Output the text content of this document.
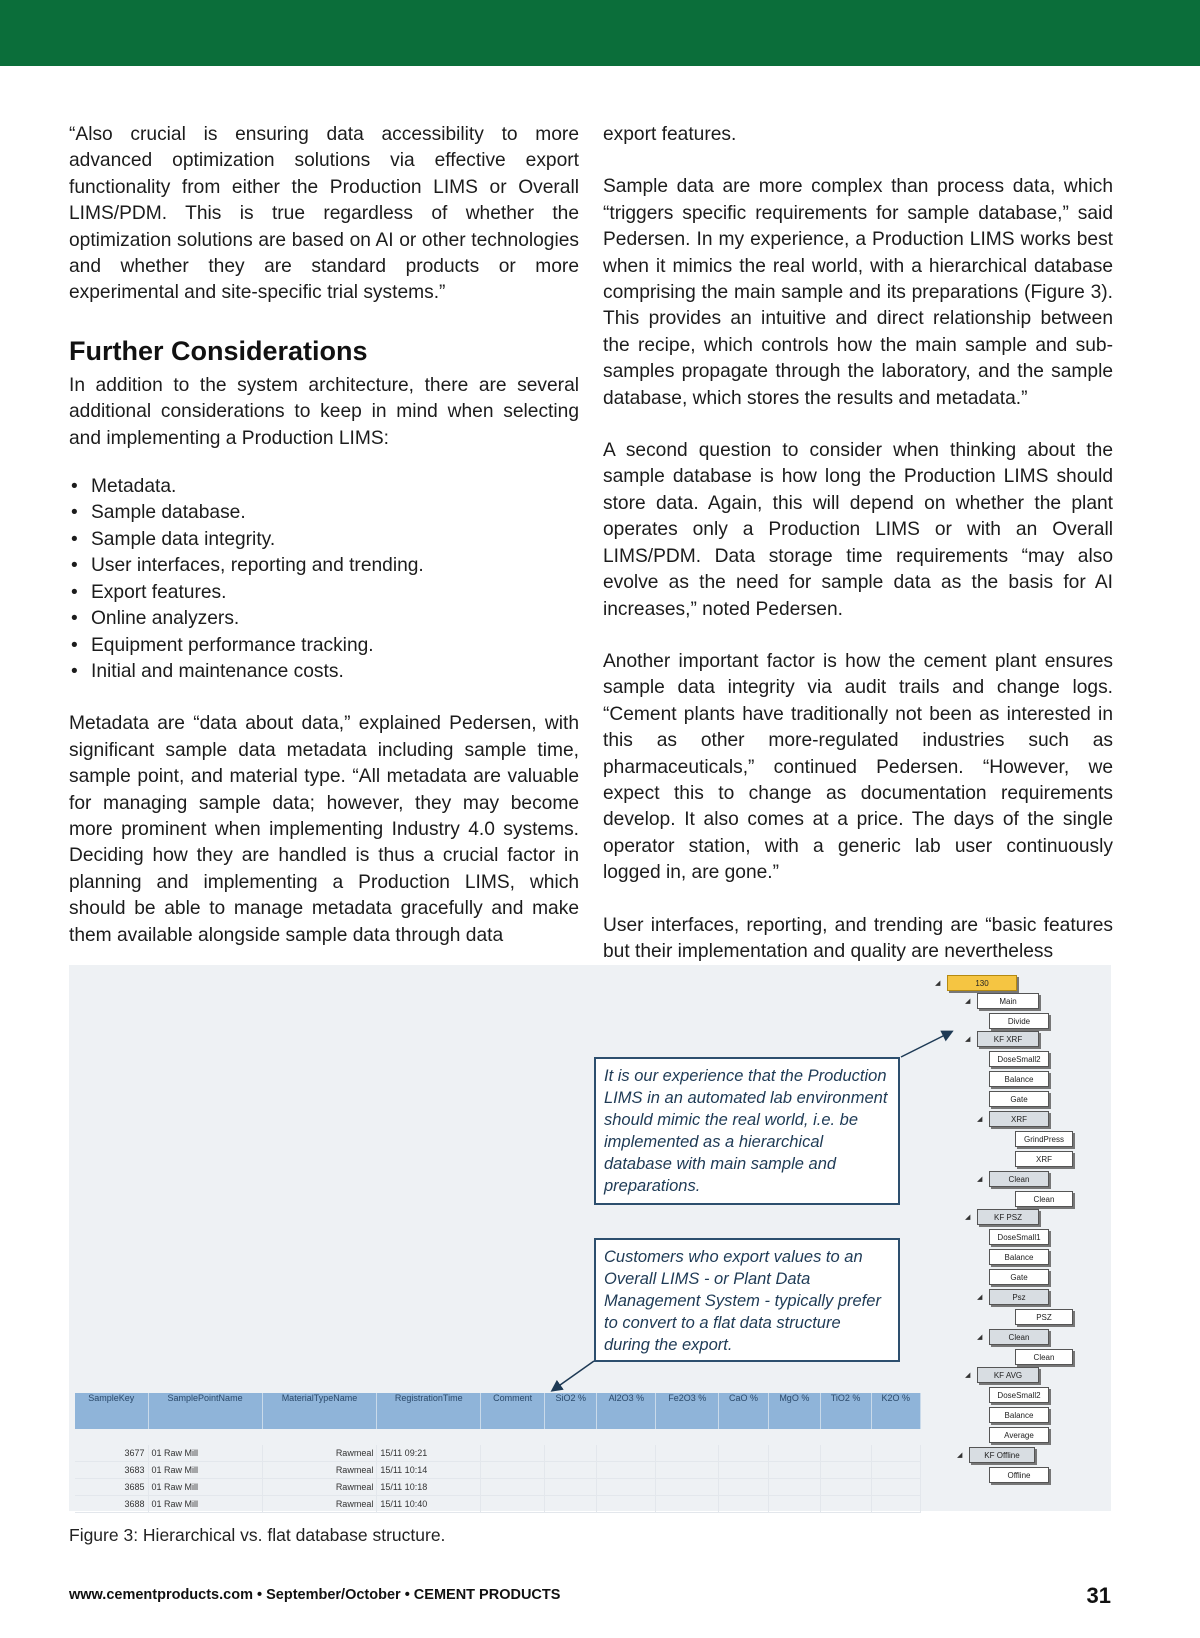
“Also crucial is ensuring data accessibility to more advanced optimization solutions via effective export functionality from either the Production LIMS or Overall LIMS/PDM. This is true regardless of whether the optimization solutions are based on AI or other technologies and whether they are standard products or more experimental and site-specific trial systems.”

Further Considerations

In addition to the system architecture, there are several additional considerations to keep in mind when selecting and implementing a Production LIMS:

• Metadata.
• Sample database.
• Sample data integrity.
• User interfaces, reporting and trending.
• Export features.
• Online analyzers.
• Equipment performance tracking.
• Initial and maintenance costs.

Metadata are “data about data,” explained Pedersen, with significant sample data metadata including sample time, sample point, and material type. “All metadata are valuable for managing sample data; however, they may become more prominent when implementing Industry 4.0 systems. Deciding how they are handled is thus a crucial factor in planning and implementing a Production LIMS, which should be able to manage metadata gracefully and make them available alongside sample data through data

export features.

Sample data are more complex than process data, which “triggers specific requirements for sample database,” said Pedersen. In my experience, a Production LIMS works best when it mimics the real world, with a hierarchical database comprising the main sample and its preparations (Figure 3). This provides an intuitive and direct relationship between the recipe, which controls how the main sample and sub-samples propagate through the laboratory, and the sample database, which stores the results and metadata.”

A second question to consider when thinking about the sample database is how long the Production LIMS should store data. Again, this will depend on whether the plant operates only a Production LIMS or with an Overall LIMS/PDM. Data storage time requirements “may also evolve as the need for sample data as the basis for AI increases,” noted Pedersen.

Another important factor is how the cement plant ensures sample data integrity via audit trails and change logs. “Cement plants have traditionally not been as interested in this as other more-regulated industries such as pharmaceuticals,” continued Pedersen. “However, we expect this to change as documentation requirements develop. It also comes at a price. The days of the single operator station, with a generic lab user continuously logged in, are gone.”

User interfaces, reporting, and trending are “basic features but their implementation and quality are nevertheless

It is our experience that the Production LIMS in an automated lab environment should mimic the real world, i.e. be implemented as a hierarchical database with main sample and preparations.
Customers who export values to an Overall LIMS - or Plant Data Management System - typically prefer to convert to a flat data structure during the export.
130
◢
Main
◢
Divide
KF XRF
◢
DoseSmall2
Balance
Gate
XRF
◢
GrindPress
XRF
Clean
◢
Clean
KF PSZ
◢
DoseSmall1
Balance
Gate
Psz
◢
PSZ
Clean
◢
Clean
KF AVG
◢
DoseSmall2
Balance
Average
KF Offline
◢
Offline
SampleKey	SamplePointName	MaterialTypeName	RegistrationTime	Comment	SiO2 %	Al2O3 %	Fe2O3 %	CaO %	MgO %	TiO2 %	K2O %

3677	01 Raw Mill	Rawmeal	15/11 09:21								
3683	01 Raw Mill	Rawmeal	15/11 10:14								
3685	01 Raw Mill	Rawmeal	15/11 10:18								
3688	01 Raw Mill	Rawmeal	15/11 10:40								
Figure 3: Hierarchical vs. flat database structure.
www.cementproducts.com • September/October • CEMENT PRODUCTS	31
